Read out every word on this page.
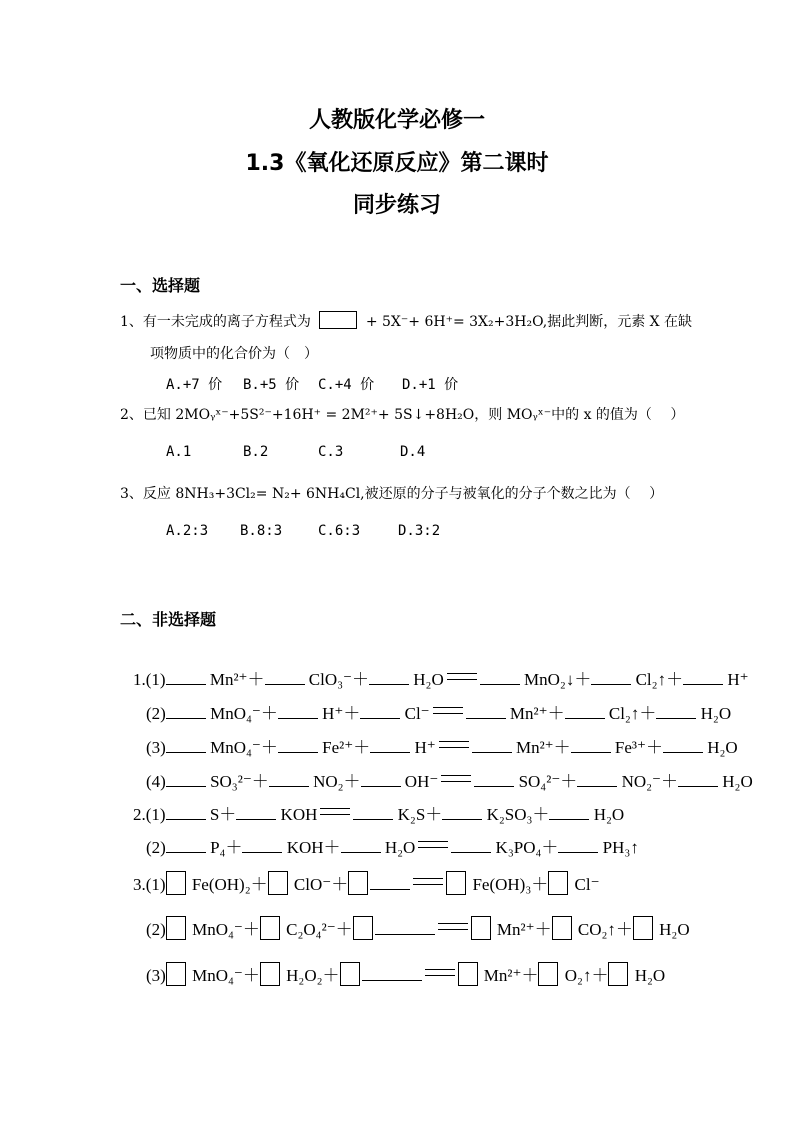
人教版化学必修一
1.3《氧化还原反应》第二课时
同步练习
一、选择题
1、有一未完成的离子方程式为	+ 5X⁻+ 6H⁺= 3X₂+3H₂O,据此判断，元素 X 在缺
项物质中的化合价为（　）
A.+7 价 B.+5 价 C.+4 价 D.+1 价
2、已知 2MOᵧˣ⁻+5S²⁻+16H⁺ = 2M²⁺+ 5S↓+8H₂O，则 MOᵧˣ⁻中的 x 的值为（　 ）
A.1	B.2	C.3	D.4
3、反应 8NH₃+3Cl₂= N₂+ 6NH₄Cl,被还原的分子与被氧化的分子个数之比为（　 ）
A.2:3 B.8:3	C.6:3	D.3:2
二、非选择题
1.(1)	Mn²⁺＋	ClO₃⁻＋	H₂O	MnO₂↓＋	Cl₂↑＋	H⁺
(2)	MnO₄⁻＋	H⁺＋	Cl⁻	Mn²⁺＋	Cl₂↑＋	H₂O
(3)	MnO₄⁻＋	Fe²⁺＋	H⁺	Mn²⁺＋	Fe³⁺＋	H₂O
(4)	SO₃²⁻＋	NO₂＋	OH⁻	SO₄²⁻＋	NO₂⁻＋	H₂O
2.(1)	S＋	KOH	K₂S＋	K₂SO₃＋	H₂O
(2)	P₄＋	KOH＋	H₂O	K₃PO₄＋	PH₃↑
3.(1) Fe(OH)₂＋ ClO⁻＋	Fe(OH)₃＋ Cl⁻
(2) MnO₄⁻＋ C₂O₄²⁻＋	Mn²⁺＋ CO₂↑＋ H₂O
(3) MnO₄⁻＋ H₂O₂＋	Mn²⁺＋ O₂↑＋ H₂O
